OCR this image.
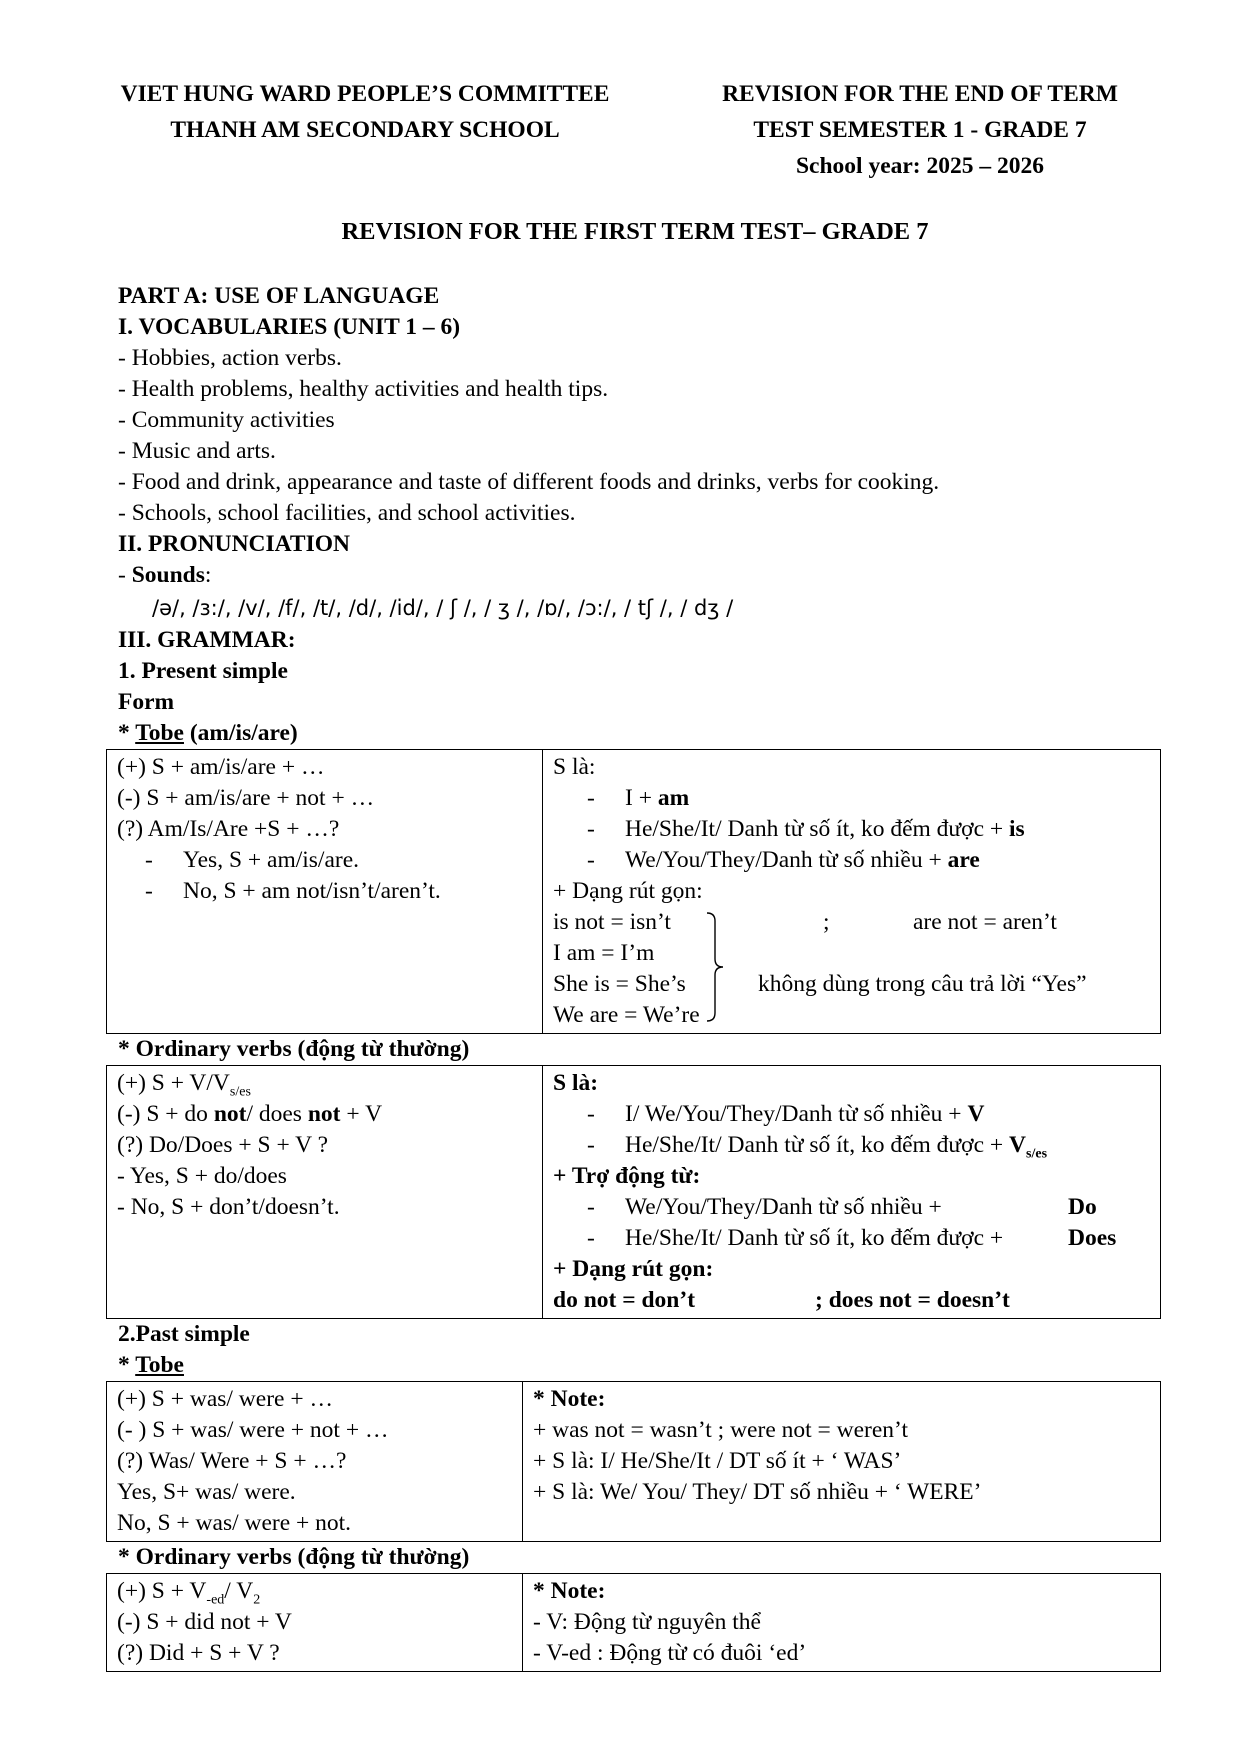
VIET HUNG WARD PEOPLE’S COMMITTEE
THANH AM SECONDARY SCHOOL
REVISION FOR THE END OF TERM
TEST SEMESTER 1 - GRADE 7
School year: 2025 – 2026
REVISION FOR THE FIRST TERM TEST– GRADE 7
PART A: USE OF LANGUAGE
I. VOCABULARIES (UNIT 1 – 6)
- Hobbies, action verbs.
- Health problems, healthy activities and health tips.
- Community activities
- Music and arts.
- Food and drink, appearance and taste of different foods and drinks, verbs for cooking.
- Schools, school facilities, and school activities.
II. PRONUNCIATION
- Sounds:
/ə/, /ɜ:/, /v/, /f/, /t/, /d/, /id/, / ʃ /, / ʒ /, /ɒ/, /ɔ:/, / tʃ /, / dʒ /
III. GRAMMAR:
1. Present simple
Form
* Tobe (am/is/are)
(+) S + am/is/are + …
(-) S + am/is/are + not + …
(?) Am/Is/Are +S + …?
- Yes, S + am/is/are.
- No, S + am not/isn’t/aren’t.

S là:
- I + am
- He/She/It/ Danh từ số ít, ko đếm được + is
- We/You/They/Danh từ số nhiều + are
+ Dạng rút gọn:
is not = isn’t	;	are not = aren’t
I am = I’m
She is = She’s	không dùng trong câu trả lời “Yes”
We are = We’re
* Ordinary verbs (động từ thường)
(+) $S + V/V_{s/es}$
(-) S + do not/ does not + V
(?) Do/Does + S + V ?
- Yes, S + do/does
- No, S + don’t/doesn’t.

S là:
- I/ We/You/They/Danh từ số nhiều + V
- He/She/It/ Danh từ số ít, ko đếm được + $V_{s/es}$
+ Trợ động từ:
- We/You/They/Danh từ số nhiều +	Do
- He/She/It/ Danh từ số ít, ko đếm được +	Does
+ Dạng rút gọn:
do not = don’t	; does not = doesn’t
2.Past simple
* Tobe
(+) S + was/ were + …
(- ) S + was/ were + not + …
(?) Was/ Were + S + …?
Yes, S+ was/ were.
No, S + was/ were + not.

* Note:
+ was not = wasn’t ; were not = weren’t
+ S là: I/ He/She/It / DT số ít + ‘ WAS’
+ S là: We/ You/ They/ DT số nhiều + ‘ WERE’
* Ordinary verbs (động từ thường)
(+) $S + V_{-ed}/$ $V_2$
(-) S + did not + V
(?) Did + S + V ?

* Note:
- V: Động từ nguyên thể
- V-ed : Động từ có đuôi ‘ed’
